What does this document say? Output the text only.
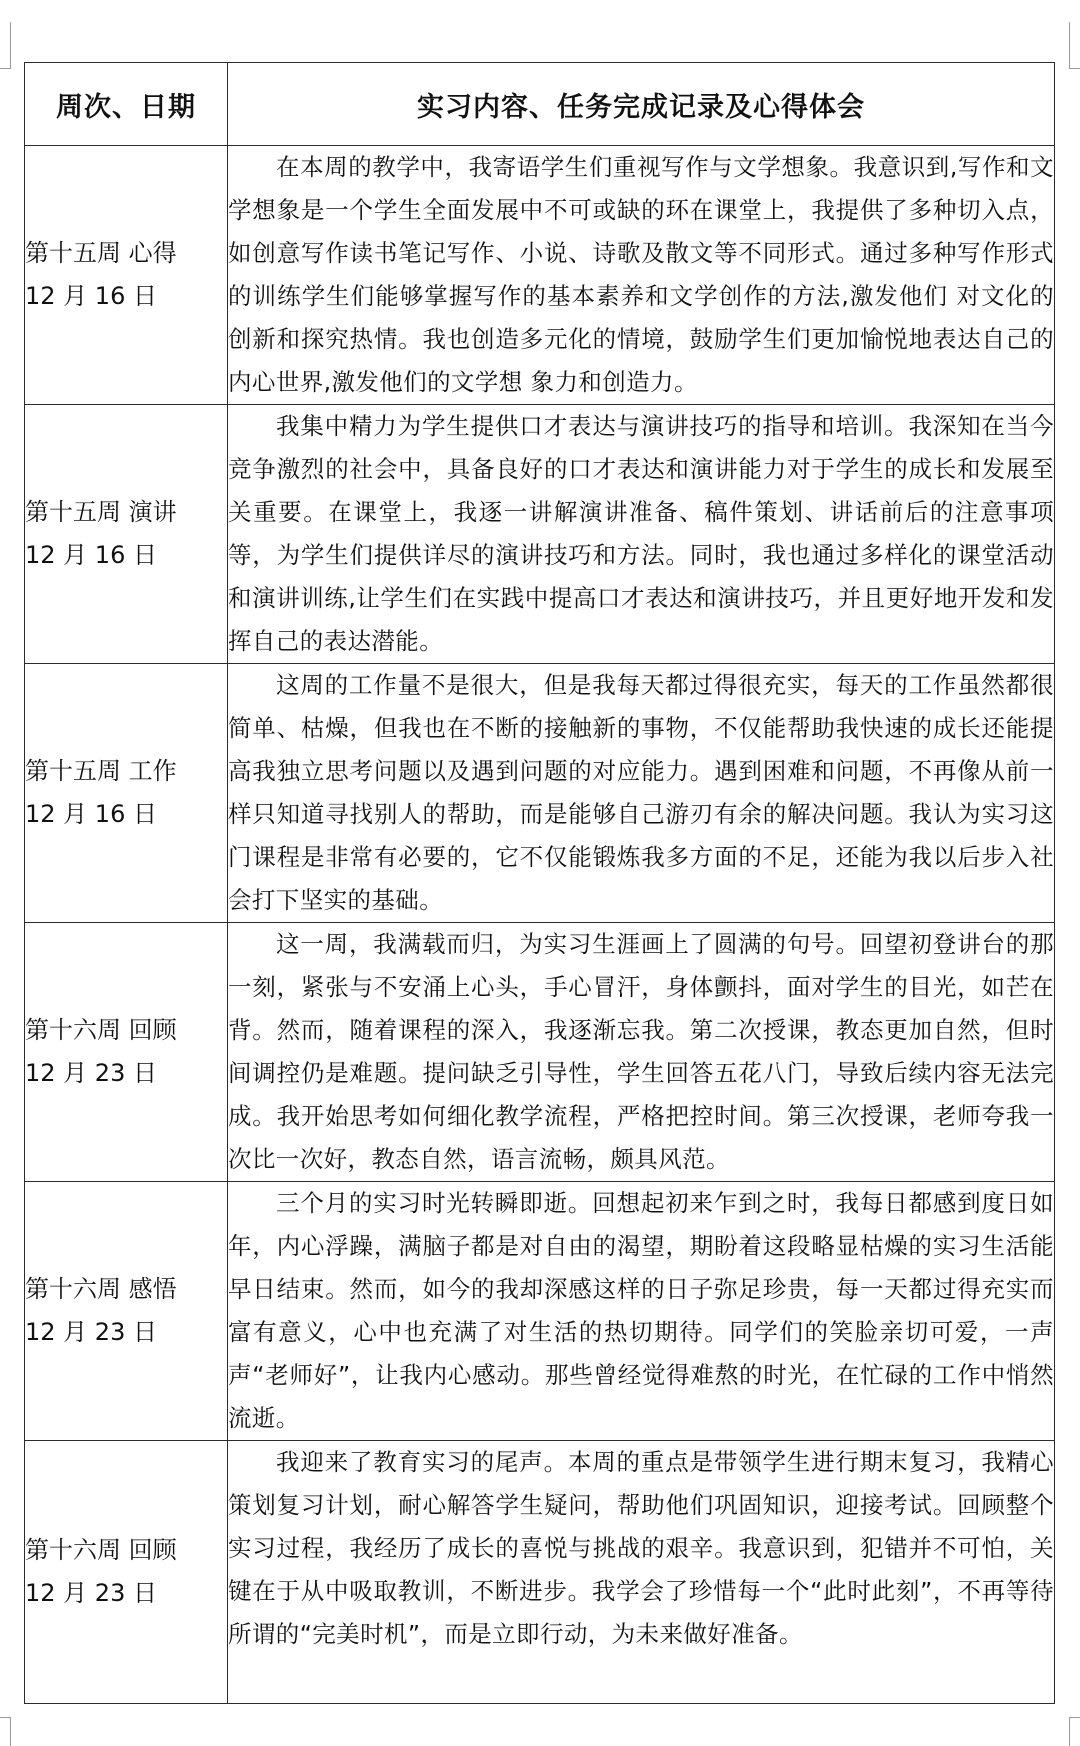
周次、日期	实习内容、任务完成记录及心得体会

第十五周 心得
12 月 16 日	在本周的教学中，我寄语学生们重视写作与文学想象。我意识到,写作和文学想象是一个学生全面发展中不可或缺的环在课堂上，我提供了多种切入点，如创意写作读书笔记写作、小说、诗歌及散文等不同形式。通过多种写作形式的训练学生们能够掌握写作的基本素养和文学创作的方法,激发他们 对文化的创新和探究热情。我也创造多元化的情境，鼓励学生们更加愉悦地表达自己的内心世界,激发他们的文学想 象力和创造力。

第十五周 演讲
12 月 16 日	我集中精力为学生提供口才表达与演讲技巧的指导和培训。我深知在当今竞争激烈的社会中，具备良好的口才表达和演讲能力对于学生的成长和发展至关重要。在课堂上，我逐一讲解演讲准备、稿件策划、讲话前后的注意事项等，为学生们提供详尽的演讲技巧和方法。同时，我也通过多样化的课堂活动和演讲训练,让学生们在实践中提高口才表达和演讲技巧，并且更好地开发和发挥自己的表达潜能。

第十五周 工作
12 月 16 日	这周的工作量不是很大，但是我每天都过得很充实，每天的工作虽然都很简单、枯燥，但我也在不断的接触新的事物，不仅能帮助我快速的成长还能提高我独立思考问题以及遇到问题的对应能力。遇到困难和问题，不再像从前一样只知道寻找别人的帮助，而是能够自己游刃有余的解决问题。我认为实习这门课程是非常有必要的，它不仅能锻炼我多方面的不足，还能为我以后步入社会打下坚实的基础。

第十六周 回顾
12 月 23 日	这一周，我满载而归，为实习生涯画上了圆满的句号。回望初登讲台的那一刻，紧张与不安涌上心头，手心冒汗，身体颤抖，面对学生的目光，如芒在背。然而，随着课程的深入，我逐渐忘我。第二次授课，教态更加自然，但时间调控仍是难题。提问缺乏引导性，学生回答五花八门，导致后续内容无法完成。我开始思考如何细化教学流程，严格把控时间。第三次授课，老师夸我一次比一次好，教态自然，语言流畅，颇具风范。

第十六周 感悟
12 月 23 日	三个月的实习时光转瞬即逝。回想起初来乍到之时，我每日都感到度日如年，内心浮躁，满脑子都是对自由的渴望，期盼着这段略显枯燥的实习生活能早日结束。然而，如今的我却深感这样的日子弥足珍贵，每一天都过得充实而富有意义，心中也充满了对生活的热切期待。同学们的笑脸亲切可爱，一声声“老师好”，让我内心感动。那些曾经觉得难熬的时光，在忙碌的工作中悄然流逝。

第十六周 回顾
12 月 23 日	我迎来了教育实习的尾声。本周的重点是带领学生进行期末复习，我精心策划复习计划，耐心解答学生疑问，帮助他们巩固知识，迎接考试。回顾整个实习过程，我经历了成长的喜悦与挑战的艰辛。我意识到，犯错并不可怕，关键在于从中吸取教训，不断进步。我学会了珍惜每一个“此时此刻”，不再等待所谓的“完美时机”，而是立即行动，为未来做好准备。
